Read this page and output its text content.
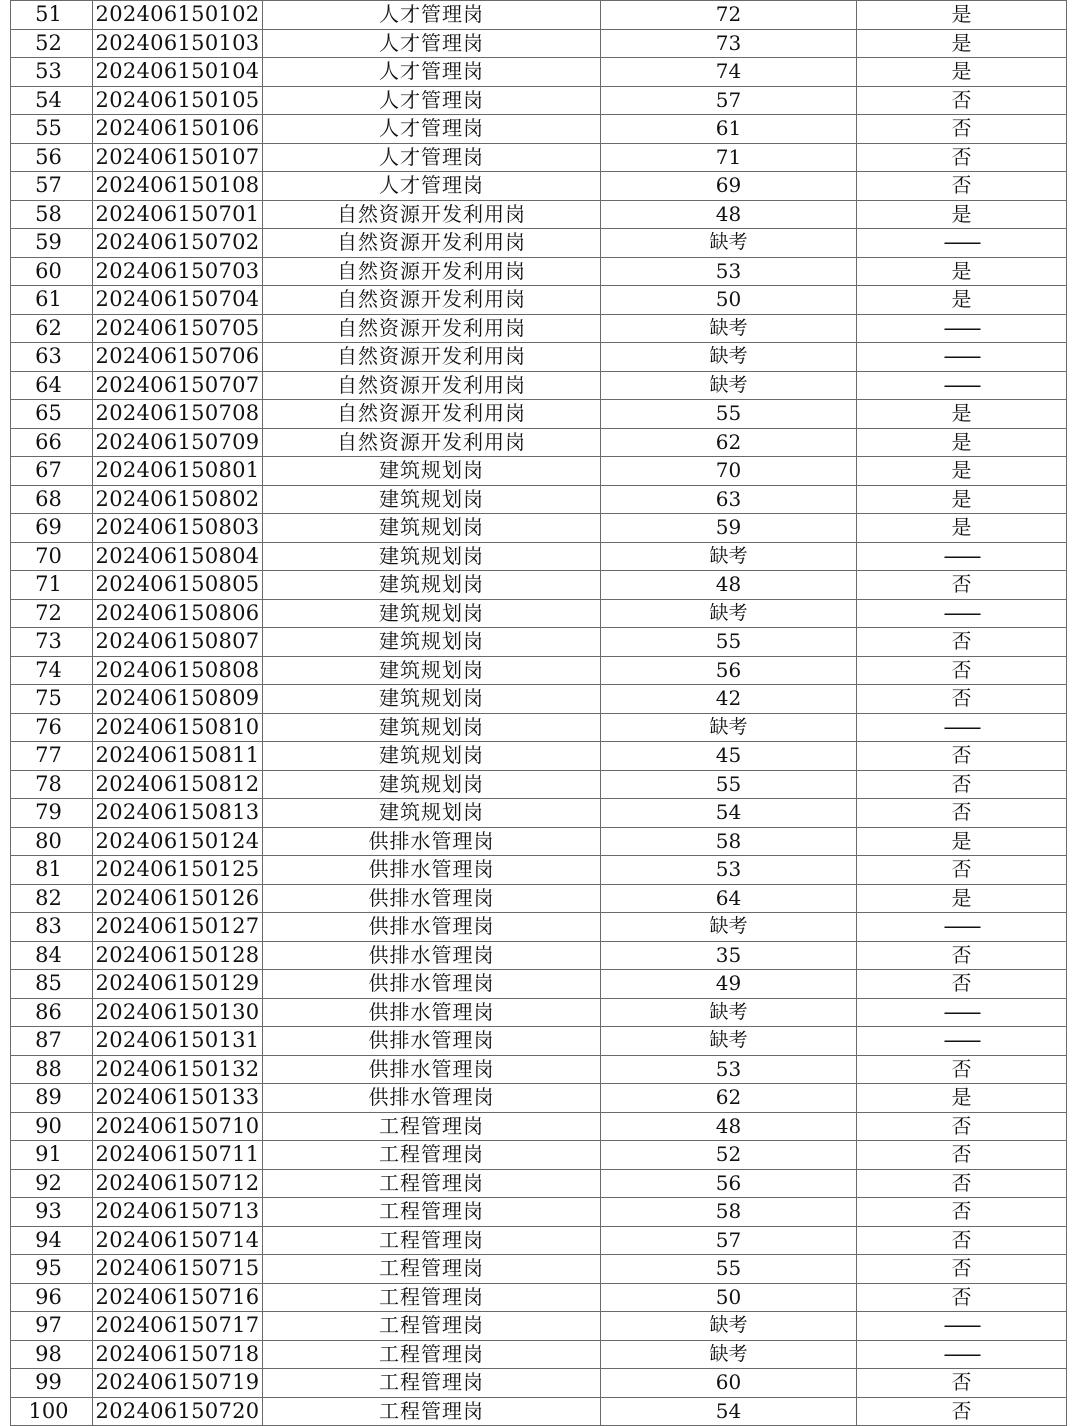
51	202406150102	人才管理岗	72	是
52	202406150103	人才管理岗	73	是
53	202406150104	人才管理岗	74	是
54	202406150105	人才管理岗	57	否
55	202406150106	人才管理岗	61	否
56	202406150107	人才管理岗	71	否
57	202406150108	人才管理岗	69	否
58	202406150701	自然资源开发利用岗	48	是
59	202406150702	自然资源开发利用岗	缺考	——
60	202406150703	自然资源开发利用岗	53	是
61	202406150704	自然资源开发利用岗	50	是
62	202406150705	自然资源开发利用岗	缺考	——
63	202406150706	自然资源开发利用岗	缺考	——
64	202406150707	自然资源开发利用岗	缺考	——
65	202406150708	自然资源开发利用岗	55	是
66	202406150709	自然资源开发利用岗	62	是
67	202406150801	建筑规划岗	70	是
68	202406150802	建筑规划岗	63	是
69	202406150803	建筑规划岗	59	是
70	202406150804	建筑规划岗	缺考	——
71	202406150805	建筑规划岗	48	否
72	202406150806	建筑规划岗	缺考	——
73	202406150807	建筑规划岗	55	否
74	202406150808	建筑规划岗	56	否
75	202406150809	建筑规划岗	42	否
76	202406150810	建筑规划岗	缺考	——
77	202406150811	建筑规划岗	45	否
78	202406150812	建筑规划岗	55	否
79	202406150813	建筑规划岗	54	否
80	202406150124	供排水管理岗	58	是
81	202406150125	供排水管理岗	53	否
82	202406150126	供排水管理岗	64	是
83	202406150127	供排水管理岗	缺考	——
84	202406150128	供排水管理岗	35	否
85	202406150129	供排水管理岗	49	否
86	202406150130	供排水管理岗	缺考	——
87	202406150131	供排水管理岗	缺考	——
88	202406150132	供排水管理岗	53	否
89	202406150133	供排水管理岗	62	是
90	202406150710	工程管理岗	48	否
91	202406150711	工程管理岗	52	否
92	202406150712	工程管理岗	56	否
93	202406150713	工程管理岗	58	否
94	202406150714	工程管理岗	57	否
95	202406150715	工程管理岗	55	否
96	202406150716	工程管理岗	50	否
97	202406150717	工程管理岗	缺考	——
98	202406150718	工程管理岗	缺考	——
99	202406150719	工程管理岗	60	否
100	202406150720	工程管理岗	54	否
